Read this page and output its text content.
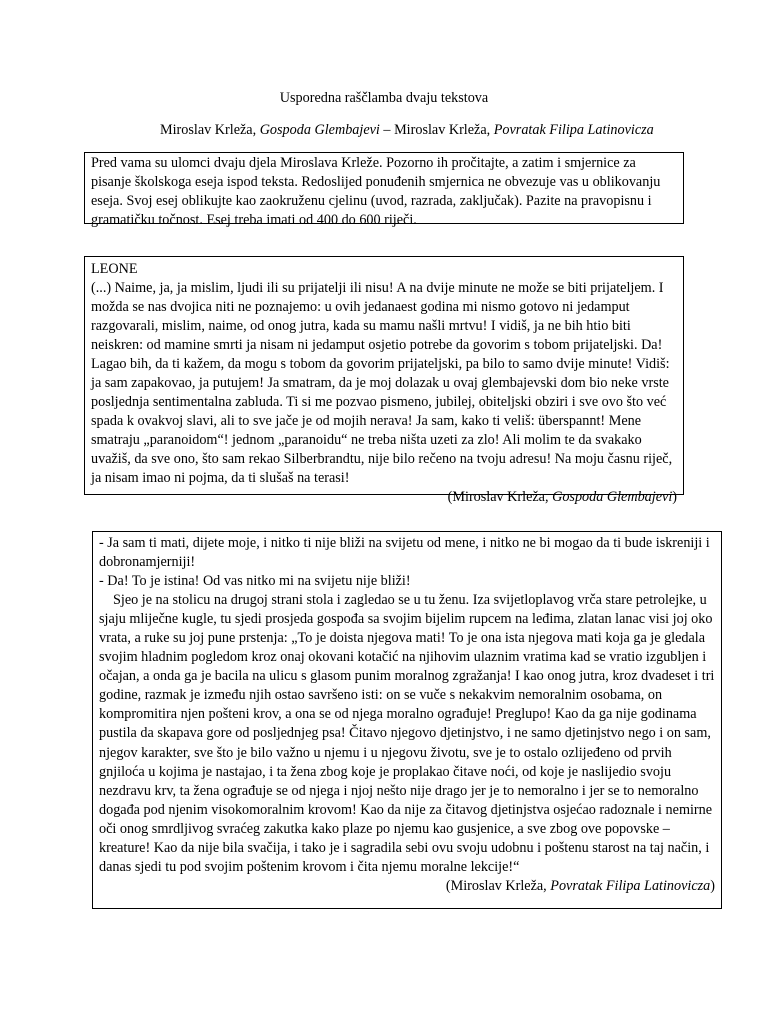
Usporedna raščlamba dvaju tekstova
Miroslav Krleža, Gospoda Glembajevi – Miroslav Krleža, Povratak Filipa Latinovicza

Pred vama su ulomci dvaju djela Miroslava Krleže. Pozorno ih pročitajte, a zatim i smjernice za pisanje školskoga eseja ispod teksta. Redoslijed ponuđenih smjernica ne obvezuje vas u oblikovanju eseja. Svoj esej oblikujte kao zaokruženu cjelinu (uvod, razrada, zaključak). Pazite na pravopisnu i gramatičku točnost. Esej treba imati od 400 do 600 riječi.

LEONE

(...) Naime, ja, ja mislim, ljudi ili su prijatelji ili nisu! A na dvije minute ne može se biti prijateljem. I možda se nas dvojica niti ne poznajemo: u ovih jedanaest godina mi nismo gotovo ni jedamput razgovarali, mislim, naime, od onog jutra, kada su mamu našli mrtvu! I vidiš, ja ne bih htio biti neiskren: od mamine smrti ja nisam ni jedamput osjetio potrebe da govorim s tobom prijateljski. Da! Lagao bih, da ti kažem, da mogu s tobom da govorim prijateljski, pa bilo to samo dvije minute! Vidiš: ja sam zapakovao, ja putujem! Ja smatram, da je moj dolazak u ovaj glembajevski dom bio neke vrste posljednja sentimentalna zabluda. Ti si me pozvao pismeno, jubilej, obiteljski obziri i sve ovo što već spada k ovakvoj slavi, ali to sve jače je od mojih nerava! Ja sam, kako ti veliš: überspannt! Mene smatraju „paranoidom“! jednom „paranoidu“ ne treba ništa uzeti za zlo! Ali molim te da svakako uvažiš, da sve ono, što sam rekao Silberbrandtu, nije bilo rečeno na tvoju adresu! Na moju časnu riječ, ja nisam imao ni pojma, da ti slušaš na terasi!

(Miroslav Krleža, Gospoda Glembajevi)

- Ja sam ti mati, dijete moje, i nitko ti nije bliži na svijetu od mene, i nitko ne bi mogao da ti bude iskreniji i dobronamjerniji!

- Da! To je istina! Od vas nitko mi na svijetu nije bliži!

Sjeo je na stolicu na drugoj strani stola i zagledao se u tu ženu. Iza svijetloplavog vrča stare petrolejke, u sjaju mliječne kugle, tu sjedi prosjeda gospođa sa svojim bijelim rupcem na leđima, zlatan lanac visi joj oko vrata, a ruke su joj pune prstenja: „To je doista njegova mati! To je ona ista njegova mati koja ga je gledala svojim hladnim pogledom kroz onaj okovani kotačić na njihovim ulaznim vratima kad se vratio izgubljen i očajan, a onda ga je bacila na ulicu s glasom punim moralnog zgražanja! I kao onog jutra, kroz dvadeset i tri godine, razmak je između njih ostao savršeno isti: on se vuče s nekakvim nemoralnim osobama, on kompromitira njen pošteni krov, a ona se od njega moralno ograđuje! Preglupo! Kao da ga nije godinama pustila da skapava gore od posljednjeg psa! Čitavo njegovo djetinjstvo, i ne samo djetinjstvo nego i on sam, njegov karakter, sve što je bilo važno u njemu i u njegovu životu, sve je to ostalo ozlijeđeno od prvih gnjiloća u kojima je nastajao, i ta žena zbog koje je proplakao čitave noći, od koje je naslijedio svoju nezdravu krv, ta žena ograđuje se od njega i njoj nešto nije drago jer je to nemoralno i jer se to nemoralno događa pod njenim visokomoralnim krovom! Kao da nije za čitavog djetinjstva osjećao radoznale i nemirne oči onog smrdljivog svraćeg zakutka kako plaze po njemu kao gusjenice, a sve zbog ove popovske – kreature! Kao da nije bila svačija, i tako je i sagradila sebi ovu svoju udobnu i poštenu starost na taj način, i danas sjedi tu pod svojim poštenim krovom i čita njemu moralne lekcije!“

(Miroslav Krleža, Povratak Filipa Latinovicza)
